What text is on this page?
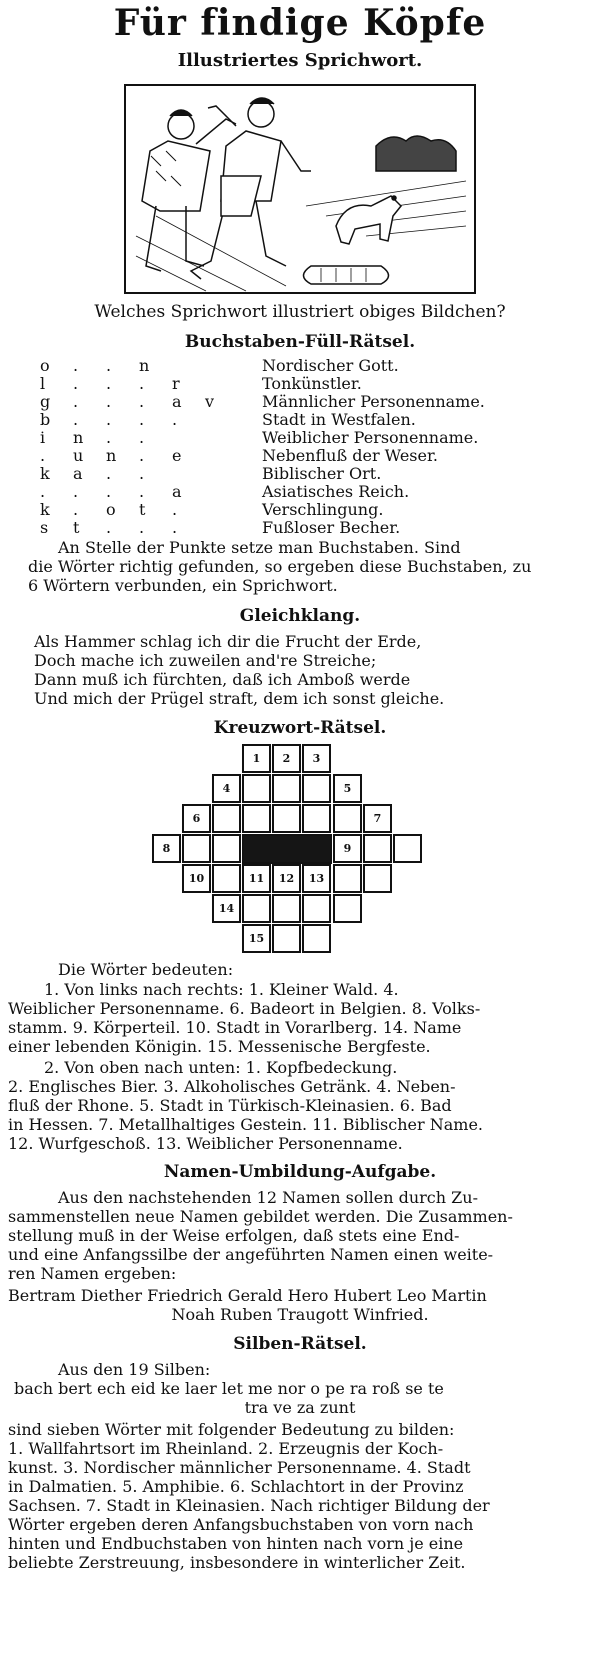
Für findige Köpfe
Illustriertes Sprichwort.
Welches Sprichwort illustriert obiges Bildchen?
Buchstaben-Füll-Rätsel.
o . . n	Nordischer Gott.
l . . . r	Tonkünstler.
g . . . a v	Männlicher Personenname.
b . . . .	Stadt in Westfalen.
i n . .	Weiblicher Personenname.
. u n . e	Nebenfluß der Weser.
k a . .	Biblischer Ort.
. . . . a	Asiatisches Reich.
k . o t .	Verschlingung.
s t . . .	Fußloser Becher.
An Stelle der Punkte setze man Buchstaben. Sind
die Wörter richtig gefunden, so ergeben diese Buchstaben, zu
6 Wörtern verbunden, ein Sprichwort.
Gleichklang.
Als Hammer schlag ich dir die Frucht der Erde,
Doch mache ich zuweilen and're Streiche;
Dann muß ich fürchten, daß ich Amboß werde
Und mich der Prügel straft, dem ich sonst gleiche.
Kreuzwort-Rätsel.
1	2	3
4	5
6	7
8	9
10	11	12	13
14
15
Die Wörter bedeuten:
1. Von links nach rechts: 1. Kleiner Wald. 4.
Weiblicher Personenname. 6. Badeort in Belgien. 8. Volks-
stamm. 9. Körperteil. 10. Stadt in Vorarlberg. 14. Name
einer lebenden Königin. 15. Messenische Bergfeste.
2. Von oben nach unten: 1. Kopfbedeckung.
2. Englisches Bier. 3. Alkoholisches Getränk. 4. Neben-
fluß der Rhone. 5. Stadt in Türkisch-Kleinasien. 6. Bad
in Hessen. 7. Metallhaltiges Gestein. 11. Biblischer Name.
12. Wurfgeschoß. 13. Weiblicher Personenname.
Namen-Umbildung-Aufgabe.
Aus den nachstehenden 12 Namen sollen durch Zu-
sammenstellen neue Namen gebildet werden. Die Zusammen-
stellung muß in der Weise erfolgen, daß stets eine End-
und eine Anfangssilbe der angeführten Namen einen weite-
ren Namen ergeben:
Bertram Diether Friedrich Gerald Hero Hubert Leo Martin
Noah Ruben Traugott Winfried.
Silben-Rätsel.
Aus den 19 Silben:
bach bert ech eid ke laer let me nor o pe ra roß se te
tra ve za zunt
sind sieben Wörter mit folgender Bedeutung zu bilden:
1. Wallfahrtsort im Rheinland. 2. Erzeugnis der Koch-
kunst. 3. Nordischer männlicher Personenname. 4. Stadt
in Dalmatien. 5. Amphibie. 6. Schlachtort in der Provinz
Sachsen. 7. Stadt in Kleinasien. Nach richtiger Bildung der
Wörter ergeben deren Anfangsbuchstaben von vorn nach
hinten und Endbuchstaben von hinten nach vorn je eine
beliebte Zerstreuung, insbesondere in winterlicher Zeit.
